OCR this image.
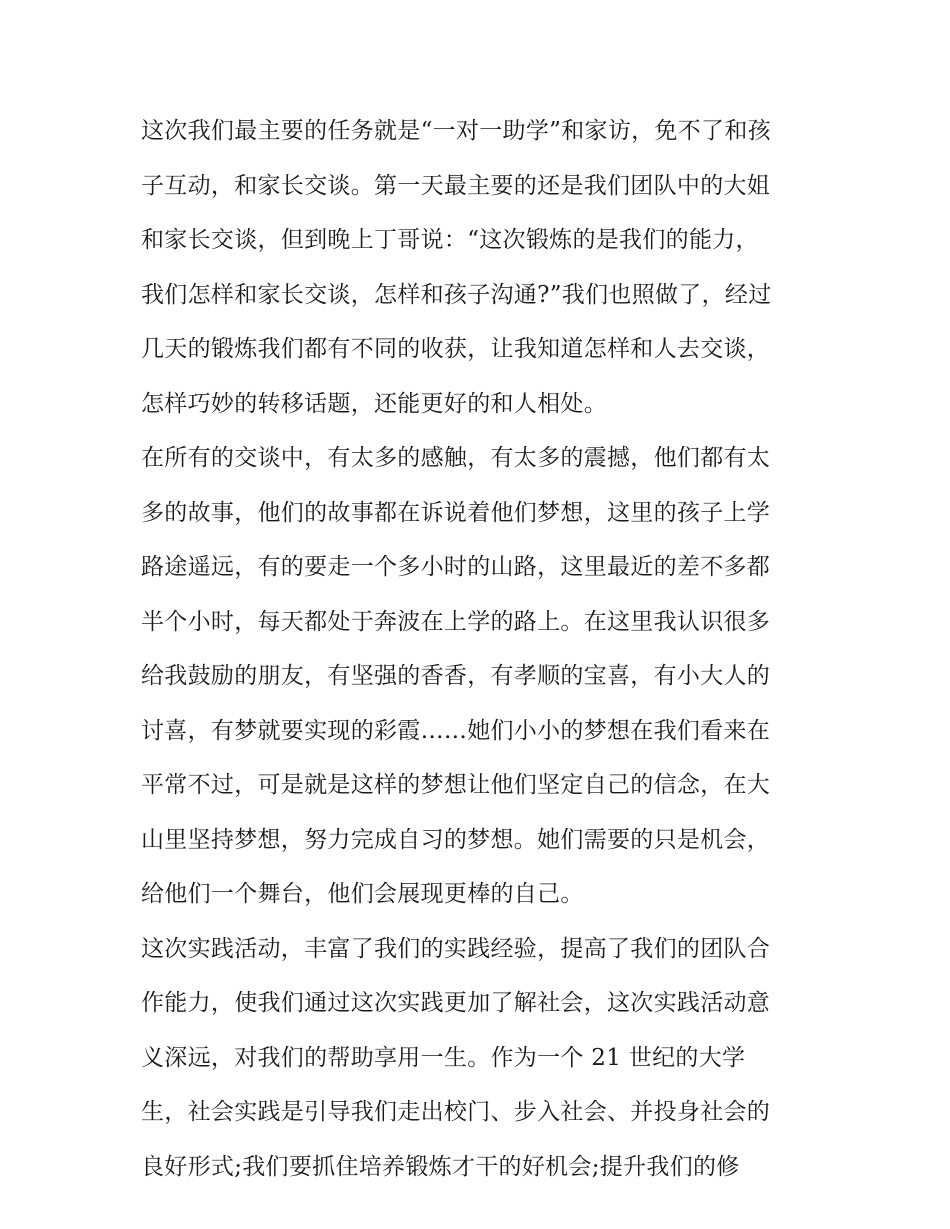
这次我们最主要的任务就是“一对一助学”和家访，免不了和孩
子互动，和家长交谈。第一天最主要的还是我们团队中的大姐
和家长交谈，但到晚上丁哥说：“这次锻炼的是我们的能力，
我们怎样和家长交谈，怎样和孩子沟通?”我们也照做了，经过
几天的锻炼我们都有不同的收获，让我知道怎样和人去交谈，
怎样巧妙的转移话题，还能更好的和人相处。
在所有的交谈中，有太多的感触，有太多的震撼，他们都有太
多的故事，他们的故事都在诉说着他们梦想，这里的孩子上学
路途遥远，有的要走一个多小时的山路，这里最近的差不多都
半个小时，每天都处于奔波在上学的路上。在这里我认识很多
给我鼓励的朋友，有坚强的香香，有孝顺的宝喜，有小大人的
讨喜，有梦就要实现的彩霞……她们小小的梦想在我们看来在
平常不过，可是就是这样的梦想让他们坚定自己的信念，在大
山里坚持梦想，努力完成自习的梦想。她们需要的只是机会，
给他们一个舞台，他们会展现更棒的自己。
这次实践活动，丰富了我们的实践经验，提高了我们的团队合
作能力，使我们通过这次实践更加了解社会，这次实践活动意
义深远，对我们的帮助享用一生。作为一个 21 世纪的大学
生，社会实践是引导我们走出校门、步入社会、并投身社会的
良好形式;我们要抓住培养锻炼才干的好机会;提升我们的修
